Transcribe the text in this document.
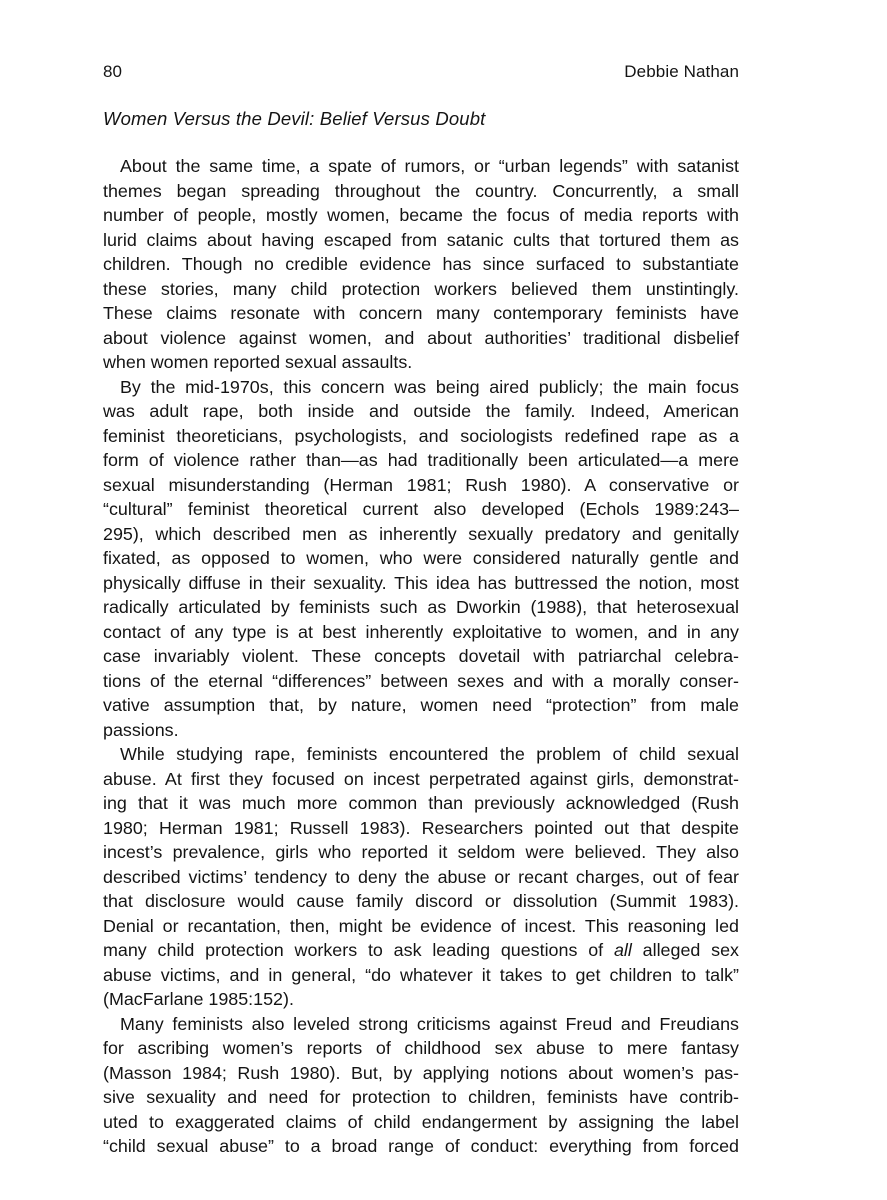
80	Debbie Nathan
Women Versus the Devil: Belief Versus Doubt
About the same time, a spate of rumors, or “urban legends” with satanist
themes began spreading throughout the country. Concurrently, a small
number of people, mostly women, became the focus of media reports with
lurid claims about having escaped from satanic cults that tortured them as
children. Though no credible evidence has since surfaced to substantiate
these stories, many child protection workers believed them unstintingly.
These claims resonate with concern many contemporary feminists have
about violence against women, and about authorities’ traditional disbelief
when women reported sexual assaults.
By the mid-1970s, this concern was being aired publicly; the main focus
was adult rape, both inside and outside the family. Indeed, American
feminist theoreticians, psychologists, and sociologists redefined rape as a
form of violence rather than—as had traditionally been articulated—a mere
sexual misunderstanding (Herman 1981; Rush 1980). A conservative or
“cultural” feminist theoretical current also developed (Echols 1989:243–
295), which described men as inherently sexually predatory and genitally
fixated, as opposed to women, who were considered naturally gentle and
physically diffuse in their sexuality. This idea has buttressed the notion, most
radically articulated by feminists such as Dworkin (1988), that heterosexual
contact of any type is at best inherently exploitative to women, and in any
case invariably violent. These concepts dovetail with patriarchal celebra-
tions of the eternal “differences” between sexes and with a morally conser-
vative assumption that, by nature, women need “protection” from male
passions.
While studying rape, feminists encountered the problem of child sexual
abuse. At first they focused on incest perpetrated against girls, demonstrat-
ing that it was much more common than previously acknowledged (Rush
1980; Herman 1981; Russell 1983). Researchers pointed out that despite
incest’s prevalence, girls who reported it seldom were believed. They also
described victims’ tendency to deny the abuse or recant charges, out of fear
that disclosure would cause family discord or dissolution (Summit 1983).
Denial or recantation, then, might be evidence of incest. This reasoning led
many child protection workers to ask leading questions of all alleged sex
abuse victims, and in general, “do whatever it takes to get children to talk”
(MacFarlane 1985:152).
Many feminists also leveled strong criticisms against Freud and Freudians
for ascribing women’s reports of childhood sex abuse to mere fantasy
(Masson 1984; Rush 1980). But, by applying notions about women’s pas-
sive sexuality and need for protection to children, feminists have contrib-
uted to exaggerated claims of child endangerment by assigning the label
“child sexual abuse” to a broad range of conduct: everything from forced
